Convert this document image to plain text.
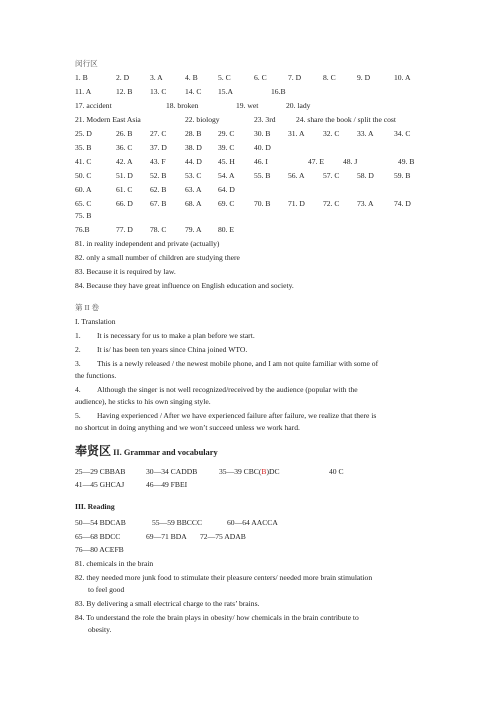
闵行区
1. B	2. D	3. A	4. B	5. C	6. C	7. D	8. C	9. D	10. A
11. A	12. B 13. C 14. C 15.A	16.B
17. accident	18. broken	19. wet	20. lady
21. Modern East Asia	22. biology	23. 3rd	24. share the book / split the cost
25. D	26. B 27. C 28. B 29. C	30. B 31. A 32. C 33. A	34. C
35. B	36. C 37. D 38. D 39. C	40. D
41. C	42. A 43. F	44. D 45. H	46. I	47. E 48. J	49. B
50. C	51. D 52. B 53. C 54. A	55. B 56. A 57. C 58. D	59. B
60. A	61. C 62. B 63. A 64. D
65. C	66. D 67. B 68. A 69. C	70. B 71. D 72. C 73. A	74. D
75. B
76.B	77. D 78. C 79. A 80. E
81. in reality independent and private (actually)
82. only a small number of children are studying there
83. Because it is required by law.
84. Because they have great influence on English education and society.
第 II 卷
I. Translation
1. It is necessary for us to make a plan before we start.
2. It is/ has been ten years since China joined WTO.
3. This is a newly released / the newest mobile phone, and I am not quite familiar with some of
the functions.
4. Although the singer is not well recognized/received by the audience (popular with the
audience), he sticks to his own singing style.
5. Having experienced / After we have experienced failure after failure, we realize that there is
no shortcut in doing anything and we won’t succeed unless we work hard.
奉贤区 II. Grammar and vocabulary
25—29 CBBAB	30—34 CADDB	35—39 CBC(B)DC	40 C
41—45 GHCAJ	46—49 FBEI
III. Reading
50—54 BDCAB	55—59 BBCCC	60—64 AACCA
65—68 BDCC	69—71 BDA 72—75 ADAB
76—80 ACEFB
81. chemicals in the brain
82. they needed more junk food to stimulate their pleasure centers/ needed more brain stimulation
to feel good
83. By delivering a small electrical charge to the rats’ brains.
84. To understand the role the brain plays in obesity/ how chemicals in the brain contribute to
obesity.
